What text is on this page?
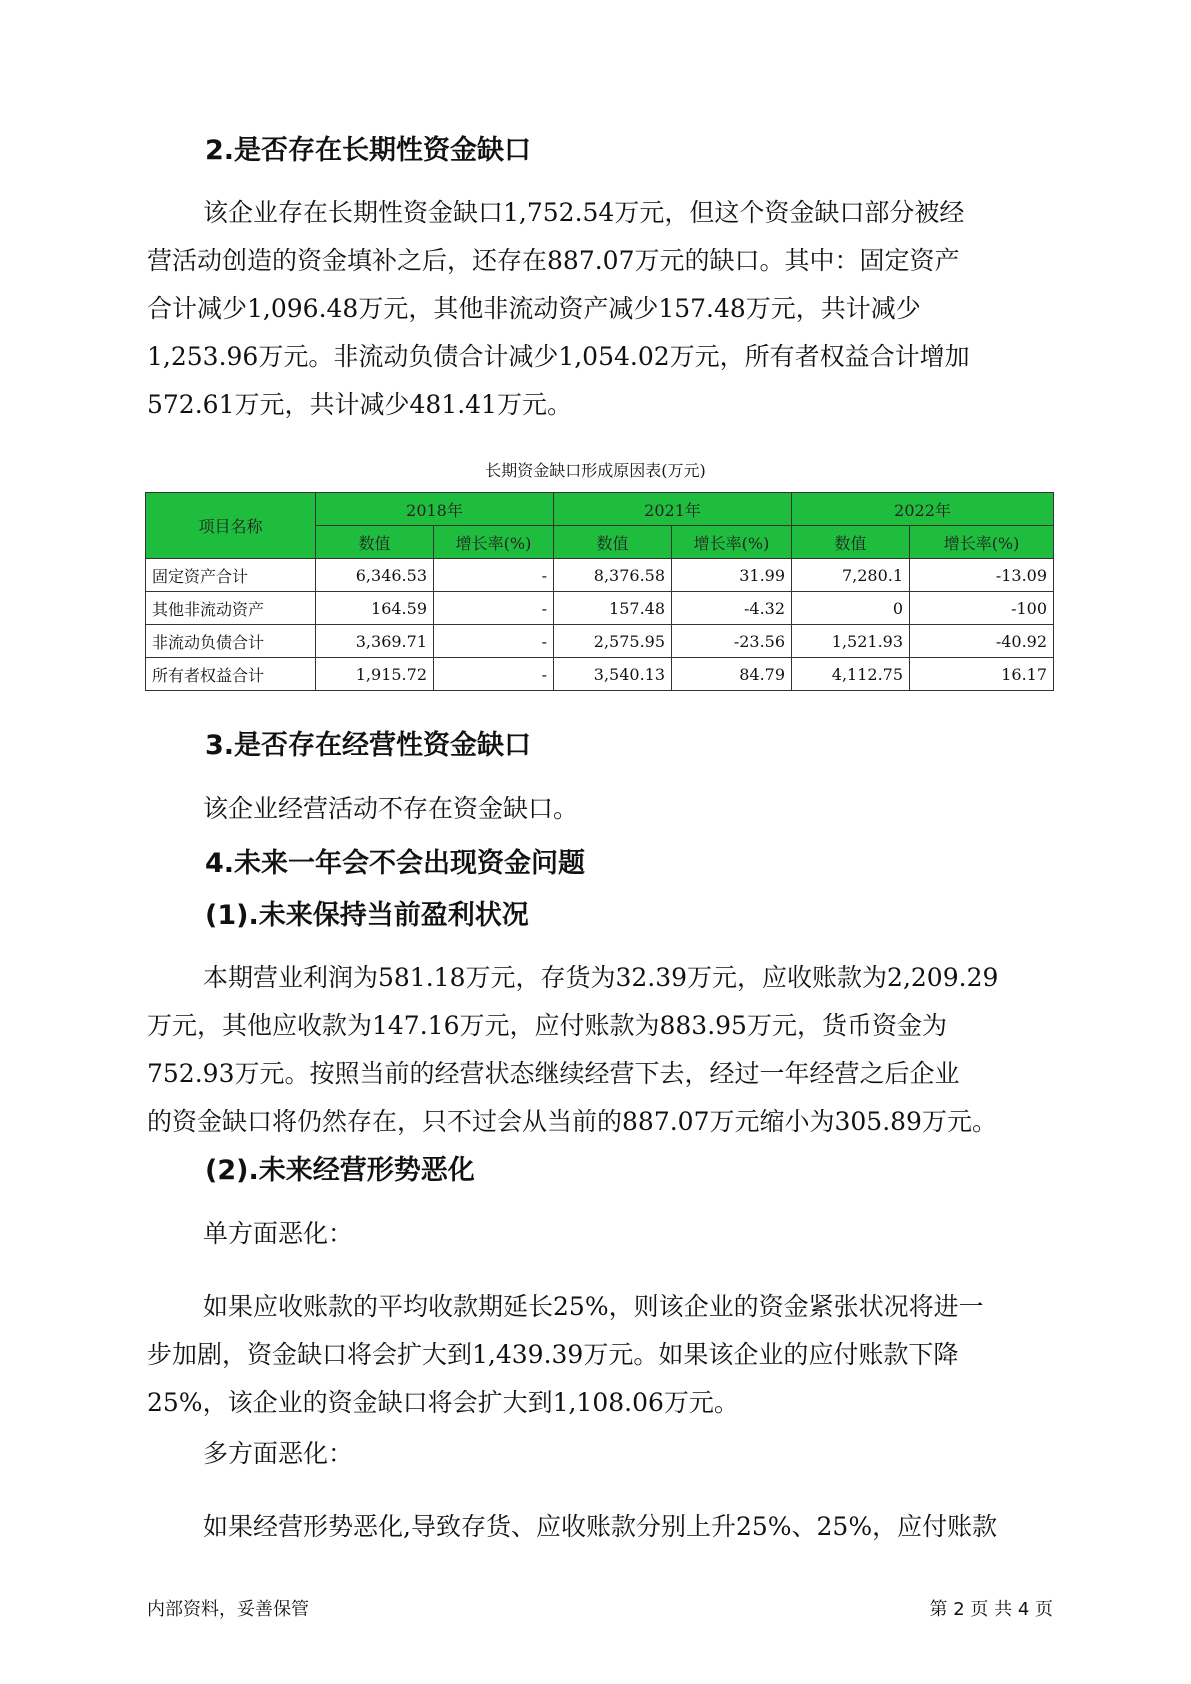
2.是否存在长期性资金缺口

该企业存在长期性资金缺口1,752.54万元，但这个资金缺口部分被经
营活动创造的资金填补之后，还存在887.07万元的缺口。其中：固定资产
合计减少1,096.48万元，其他非流动资产减少157.48万元，共计减少
1,253.96万元。非流动负债合计减少1,054.02万元，所有者权益合计增加
572.61万元，共计减少481.41万元。

长期资金缺口形成原因表(万元)
项目名称	2018年		2021年		2022年	
	数值	增长率(%)	数值	增长率(%)	数值	增长率(%)
固定资产合计	6,346.53	-	8,376.58	31.99	7,280.1	-13.09
其他非流动资产	164.59	-	157.48	-4.32	0	-100
非流动负债合计	3,369.71	-	2,575.95	-23.56	1,521.93	-40.92
所有者权益合计	1,915.72	-	3,540.13	84.79	4,112.75	16.17
3.是否存在经营性资金缺口

该企业经营活动不存在资金缺口。

4.未来一年会不会出现资金问题
(1).未来保持当前盈利状况

本期营业利润为581.18万元，存货为32.39万元，应收账款为2,209.29
万元，其他应收款为147.16万元，应付账款为883.95万元，货币资金为
752.93万元。按照当前的经营状态继续经营下去，经过一年经营之后企业
的资金缺口将仍然存在，只不过会从当前的887.07万元缩小为305.89万元。

(2).未来经营形势恶化

单方面恶化：

如果应收账款的平均收款期延长25%，则该企业的资金紧张状况将进一
步加剧，资金缺口将会扩大到1,439.39万元。如果该企业的应付账款下降
25%，该企业的资金缺口将会扩大到1,108.06万元。

多方面恶化：

如果经营形势恶化,导致存货、应收账款分别上升25%、25%，应付账款

内部资料，妥善保管	第 2 页 共 4 页
